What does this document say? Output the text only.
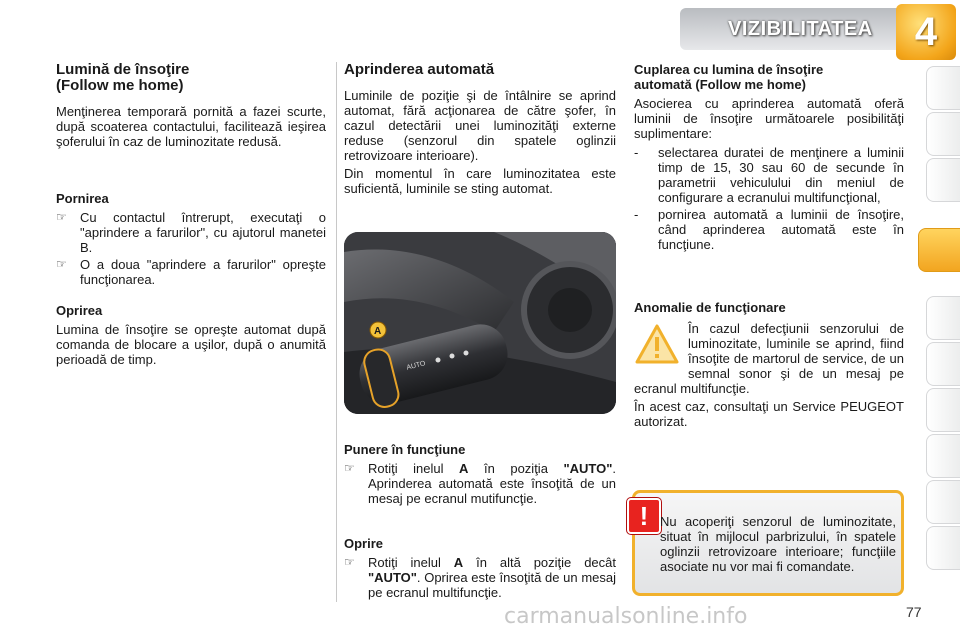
VIZIBILITATEA	4
Lumină de însoţire
(Follow me home)

Menţinerea temporară pornită a fazei scurte, după scoaterea contactului, facilitează ieşirea şoferului în caz de luminozitate redusă.

Pornirea
☞	Cu contactul întrerupt, executaţi o "aprindere a farurilor", cu ajutorul manetei B.
☞	O a doua "aprindere a farurilor" opreşte funcţionarea.
Oprirea

Lumina de însoţire se opreşte automat după comanda de blocare a uşilor, după o anumită perioadă de timp.

Aprinderea automată

Luminile de poziţie şi de întâlnire se aprind automat, fără acţionarea de către şofer, în cazul detectării unei luminozităţi externe reduse (senzorul din spatele oglinzii retrovizoare interioare).

Din momentul în care luminozitatea este suficientă, luminile se sting automat.

AUTO
A
Punere în funcţiune
☞	Rotiţi inelul A în poziţia "AUTO". Aprinderea automată este însoţită de un mesaj pe ecranul mutifuncţie.
Oprire
☞	Rotiţi inelul A în altă poziţie decât "AUTO". Oprirea este însoţită de un mesaj pe ecranul multifuncţie.
Cuplarea cu lumina de însoţire
automată (Follow me home)

Asocierea cu aprinderea automată oferă luminii de însoţire următoarele posibilităţi suplimentare:

-	selectarea duratei de menţinere a luminii timp de 15, 30 sau 60 de secunde în parametrii vehiculului din meniul de configurare a ecranului multifuncţional,
-	pornirea automată a luminii de însoţire, când aprinderea automată este în funcţiune.
Anomalie de funcţionare

În cazul defecţiunii senzorului de luminozitate, luminile se aprind, fiind însoţite de martorul de service, de un semnal sonor şi de un mesaj pe ecranul multifuncţie.

În acest caz, consultaţi un Service PEUGEOT autorizat.

! Nu acoperiţi senzorul de luminozitate, situat în mijlocul parbrizului, în spatele oglinzii retrovizoare interioare; funcţiile asociate nu vor mai fi comandate.
carmanualsonline.info	77
